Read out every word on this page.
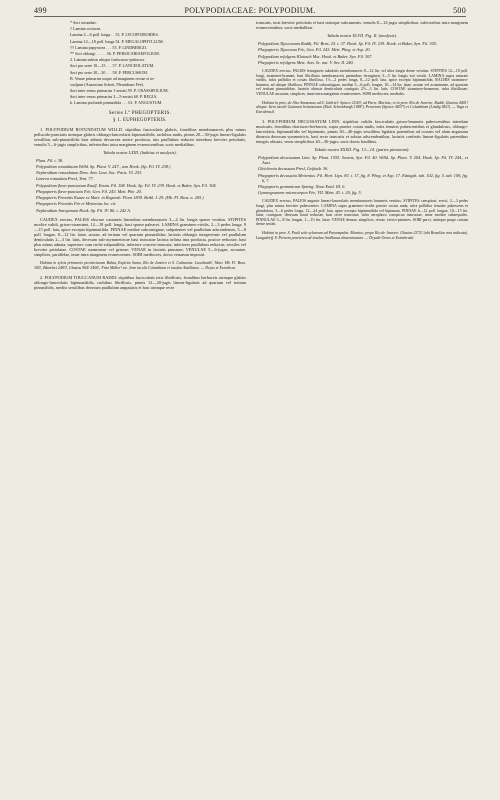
499	POLYPODIACEAE: POLYPODIUM.	500

* Sori rotundati.

† Lamina coriacea.

Lamina 2—6 poll. longa . . 53. P. LYCOPODIOIDES.

Lamina 12—18 poll. longa 54. P. MEGALOPHYLLUM.

†† Lamina papyracea . . . 55. P. LINDBERGII.

** Sori oblongi . . . . . 56. P. PERSICARIAEFOLIUM.

2. Lamina subtus ubique furfuraceo-paleacea.

Sori pro serie 10—15 . . . 57. P. LANCEOLATUM.

Sori pro serie 20—30 . . . 58. P. PERCUSSUM.

B. Venae primariae usque ad marginem rectae et in-

sculptae (Anaxetum Schott, Pleuridium Fée).

Sori inter venas primarias 1-seriati 59. P. CRASSIFOLIUM.

Sori inter venas primarias 3—5-seriati 60. P. REGIA.

b. Lamina profunde pinnatifida . . . 61. P. ANGUSTUM.

Series I.ª PHEGOPTERIS.
§ 1. EUPHEGOPTERIS.

1. POLYPODIUM ROTUNDATUM WILLD. stipitibus fasciculatis glabris, frondibus membranaceis plus minus pellucido-punctatis utrinque glabris oblongo-lanceolatis bipinnatifidis, rachibus nudis, pinnis 20—30-jugis lineari-ligulatis sessilibus sub-pinnatifidis basi adnata decurrens antice producta, inis paullulum reductis interdum breviter petiolatis, venulis 5—6-jugis simplicibus, inferioribus intra marginem evanescentibus; soris medialibus.

Tabula nostra LXIII. (habitus et analysis).

Plum. Fil. t. 38.

Polypodium rotundatum Willd. Sp. Plant. V. 247., non Hook. (Sp. Fil. IV. 238.)

Nephrodium rotundatum Desv. Ann. Linn. Soc. Paris. VI. 253.

Lastrea rotundata Presl, Tent. 77.

Polypodium flavo-punctatum Kaulf. Enum. Fil. 108. Hook. Sp. Fil. IV. 239. Hook. et Baker, Syn. Fil. 304.

Phegopteris flavo-punctata Fée, Gen. Fil. 243. Mett. Phe. 20.

Phegopteris Prionitis Kunze ex Mart. in Regensb. Flora 1839. Beibl. I. 29. (Hb. Fl. Bras. n. 205.)

Phegopteris Prionitis Fée et Mettenius loc. cit.

Nephrodium Imrayanum Hook. Sp. Fil. IV. 86. t. 242 A.

CAUDEX erectus, PALEIS obscure castaneis linearibus membranaceis 3—4 lin. longis sparse vestitus. STIPITES modice validi, griseo-straminei, 12—18 poll. longi, basi sparse paleacei. LAMINA gramineo-viridis, 2—3 pedes longa, 9—15 poll. lata, apice excepto bipinnatifida. PINNAE mediae subcontiguae, subpatentes vel paullulum adscendentes, 5—8 poll. longae, 8—12 lin. latae, acutae, ad tertiam vel quartam pinnatifidae, laciniis oblongis integerrimis vel paullulum denticulatis 2—3 lin. latis, deorsum sub-asymmetricae basi truncatae lacinia infima ima producta, postice reductae, basi plus minus adnata, superiore cum rache subparallela, inferiore conceto-truncata; inferiores paullulum reductae, sessiles vel breviter petiolatae. COSTAE stramineae vel griseae; VENAE in laciniis pinnatae; VENULAE 5—6-jugae, arcuatae, simplices, parallelae, imae intra marginem evanescentes. SORI mediocres, dorso venarum impositi.

Habitat in sylvis primaevis provinciarum Bahia, Espirito Santo, Rio de Janeiro et S. Catharina: Luschnath!, Mart. Hb. Fl. Bras. 305!, Blanchet 2483!, Glaziou 964! 2400!, Fritz Müller! etc. Item incolit Columbiam et insulas Antillanas. — Dryas et Extrabras.

2. POLYPODIUM TIJUCCANUM RADDI: stipitibus fasciculatis totis fibrillosis, frondibus herbaceis utrinque glabris oblongo-lanceolatis bipinnatifidis, rachibus fibrillosis, pinnis 12—20-jugis lineari-ligulatis ad quartam vel tertiam pinnatifidis, mediis sessilibus deorsum paullulum angustatis et basi utrinque recte

truncatis, imis breviter petiolatis et basi utrinque subcuneatis, venulis 8—12-jugis simplicibus, inferioribus intra marginem evanescentibus; soris medialibus.

Tabula nostra XLVII. Fig. II. (analysis).

Polypodium Tijuccanum Raddi, Fil. Bras. 25. t. 37. Hook. Sp. Fil. IV. 239. Hook. et Baker, Syn. Fil. 305.

Phegopteris Tijuccana Fée, Gen. Fil. 243. Mett. Pheg. et Asp. 20.

Polypodium refulgens Klotzsch Msc. Hook. et Baker, Syn. Fil. 307.

Phegopteris refulgens Mett. Ann. Sc. nat. V. Ser. II. 240.

CAUDEX erectus, PALEIS ferrugineis subulatis membranaceis 8—12 lin. vel ultra longis dense vestitus. STIPITES 12—18 poll. longi, straminei-brunnei, basi fibrillosis membranaceis patentibus ferrugineis 3—5 lin. longis toti vestiti. LAMINA supra saturate viridis, infra pallidior et costas fibrillosa, 1½—2 pedes longa, 8—12 poll. lata, apice excepto bipinnatifida. RACHIS stramineo-brunnea, ad ubique fibrillosa. PINNAE subcontiguae, mediae 5—6 poll. longae, 10—14 lin. latae, acutae vel acuminatae, ad quartam vel tertiam pinnatifidae, laciniis obtusis denticulatis contiguis 2½—3 lin. latis. COSTAE stramineo-brunneae, infra fibrillosae; VENULAE arcuatae, simplices, imae intra marginem evanescentes. SORI mediocres, mediales.

Habitat in prov. do Alto Amazonas ad S. Gabriel: Spruce 2100!; ad Para: Martius; et in prov. Rio de Janeiro: Raddi, Glaziou 4401! aliique. Item incolit Guianam britannicam (Rich. Schomburgk 1188!), Peruviam (Spruce 4657!) et Columbiam (Lindig 582!). — Vaga et Extrabrasil.

3. POLYPODIUM DECUSSATUM LINN. stipitibus validis fasciculatis griseo-brunneis pubescentibus interdum muricatis, frondibus chartaceo-herbaceis, supra praeter costas nudis, infra tenuiter pubescentibus et glandulosis, oblongo-lanceolatis, bipinnatifidis vel bipinnatis, pinnis 30—40-jugis sessilibus ligulatis patentibus ad costam vel alam angustam dimecta deorsum symmetricis, basi recte truncatis et subtus adscendentibus, laciniis confertis lineari-ligulatis patentibus integris obtusis, venis simplicibus 20—30-jugis; soris dorsis basilibus.

Tabula nostra XXXII. Fig. 13—14. (partes pinnarum).

Polypodium decussatum Linn. Sp. Plant. 1555. Swartz, Syn. Fil. 40. Willd. Sp. Plant. V. 204. Hook. Sp. Fil. IV. 244., et Auct.

Gleichenia decussata Presl, Gefässb. 36.

Phegopteris decussata Mettenius. Fil. Hort. Lips. 83. t. 17, fig. 8. Pheg. et Asp. 17. Ettingsh. tab. 102, fig. 5. tab. 109, fig. 6, 7.

Phegopteris grammicum Spreng. Neue Entd. III. 6.

Gymnogramme microcarpon Fée, VII. Mém. 43. t. 20, fig. 5.

CAUDEX erectus, PALEIS anguste lineari-lanceolatis membranaceis brunneis vestitus. STIPITES caespitosi, erecti, 2—3 pedes longi, plus minus breviter pubescentes. LAMINA supra gramineo-viridis praeter costas nuda, infra pallidior tenuiter pubescens et glandulosa, 3—6 pedes longa, 12—24 poll. lata, apice excepto bipinnatifida vel bipinnata. PINNAE 6—12 poll. longae, 10—15 lin. latae, contiguae, deorsum haud reductae, basi recte truncatae, infra aerophoro conspicuo instructae, imae modice subaequales. PINNULAE 5—8 lin. longae, 1—1½ lin. latae. VENAE densae, simplices, rectae, erecto-patentes. SORI parvi, utrinque prope costam dense seriati.

Habitat in prov. S. Pauli solo sylvarum ad Paranapuba: Martius; prope Rio de Janeiro: Glaziou 2372! (ubi Brasiliae non indicata). Langsdorff. E Peruvia praeterea ad insulas Antillanas disseminatum. — Dryadi-Oreas et Extrabrasil.
